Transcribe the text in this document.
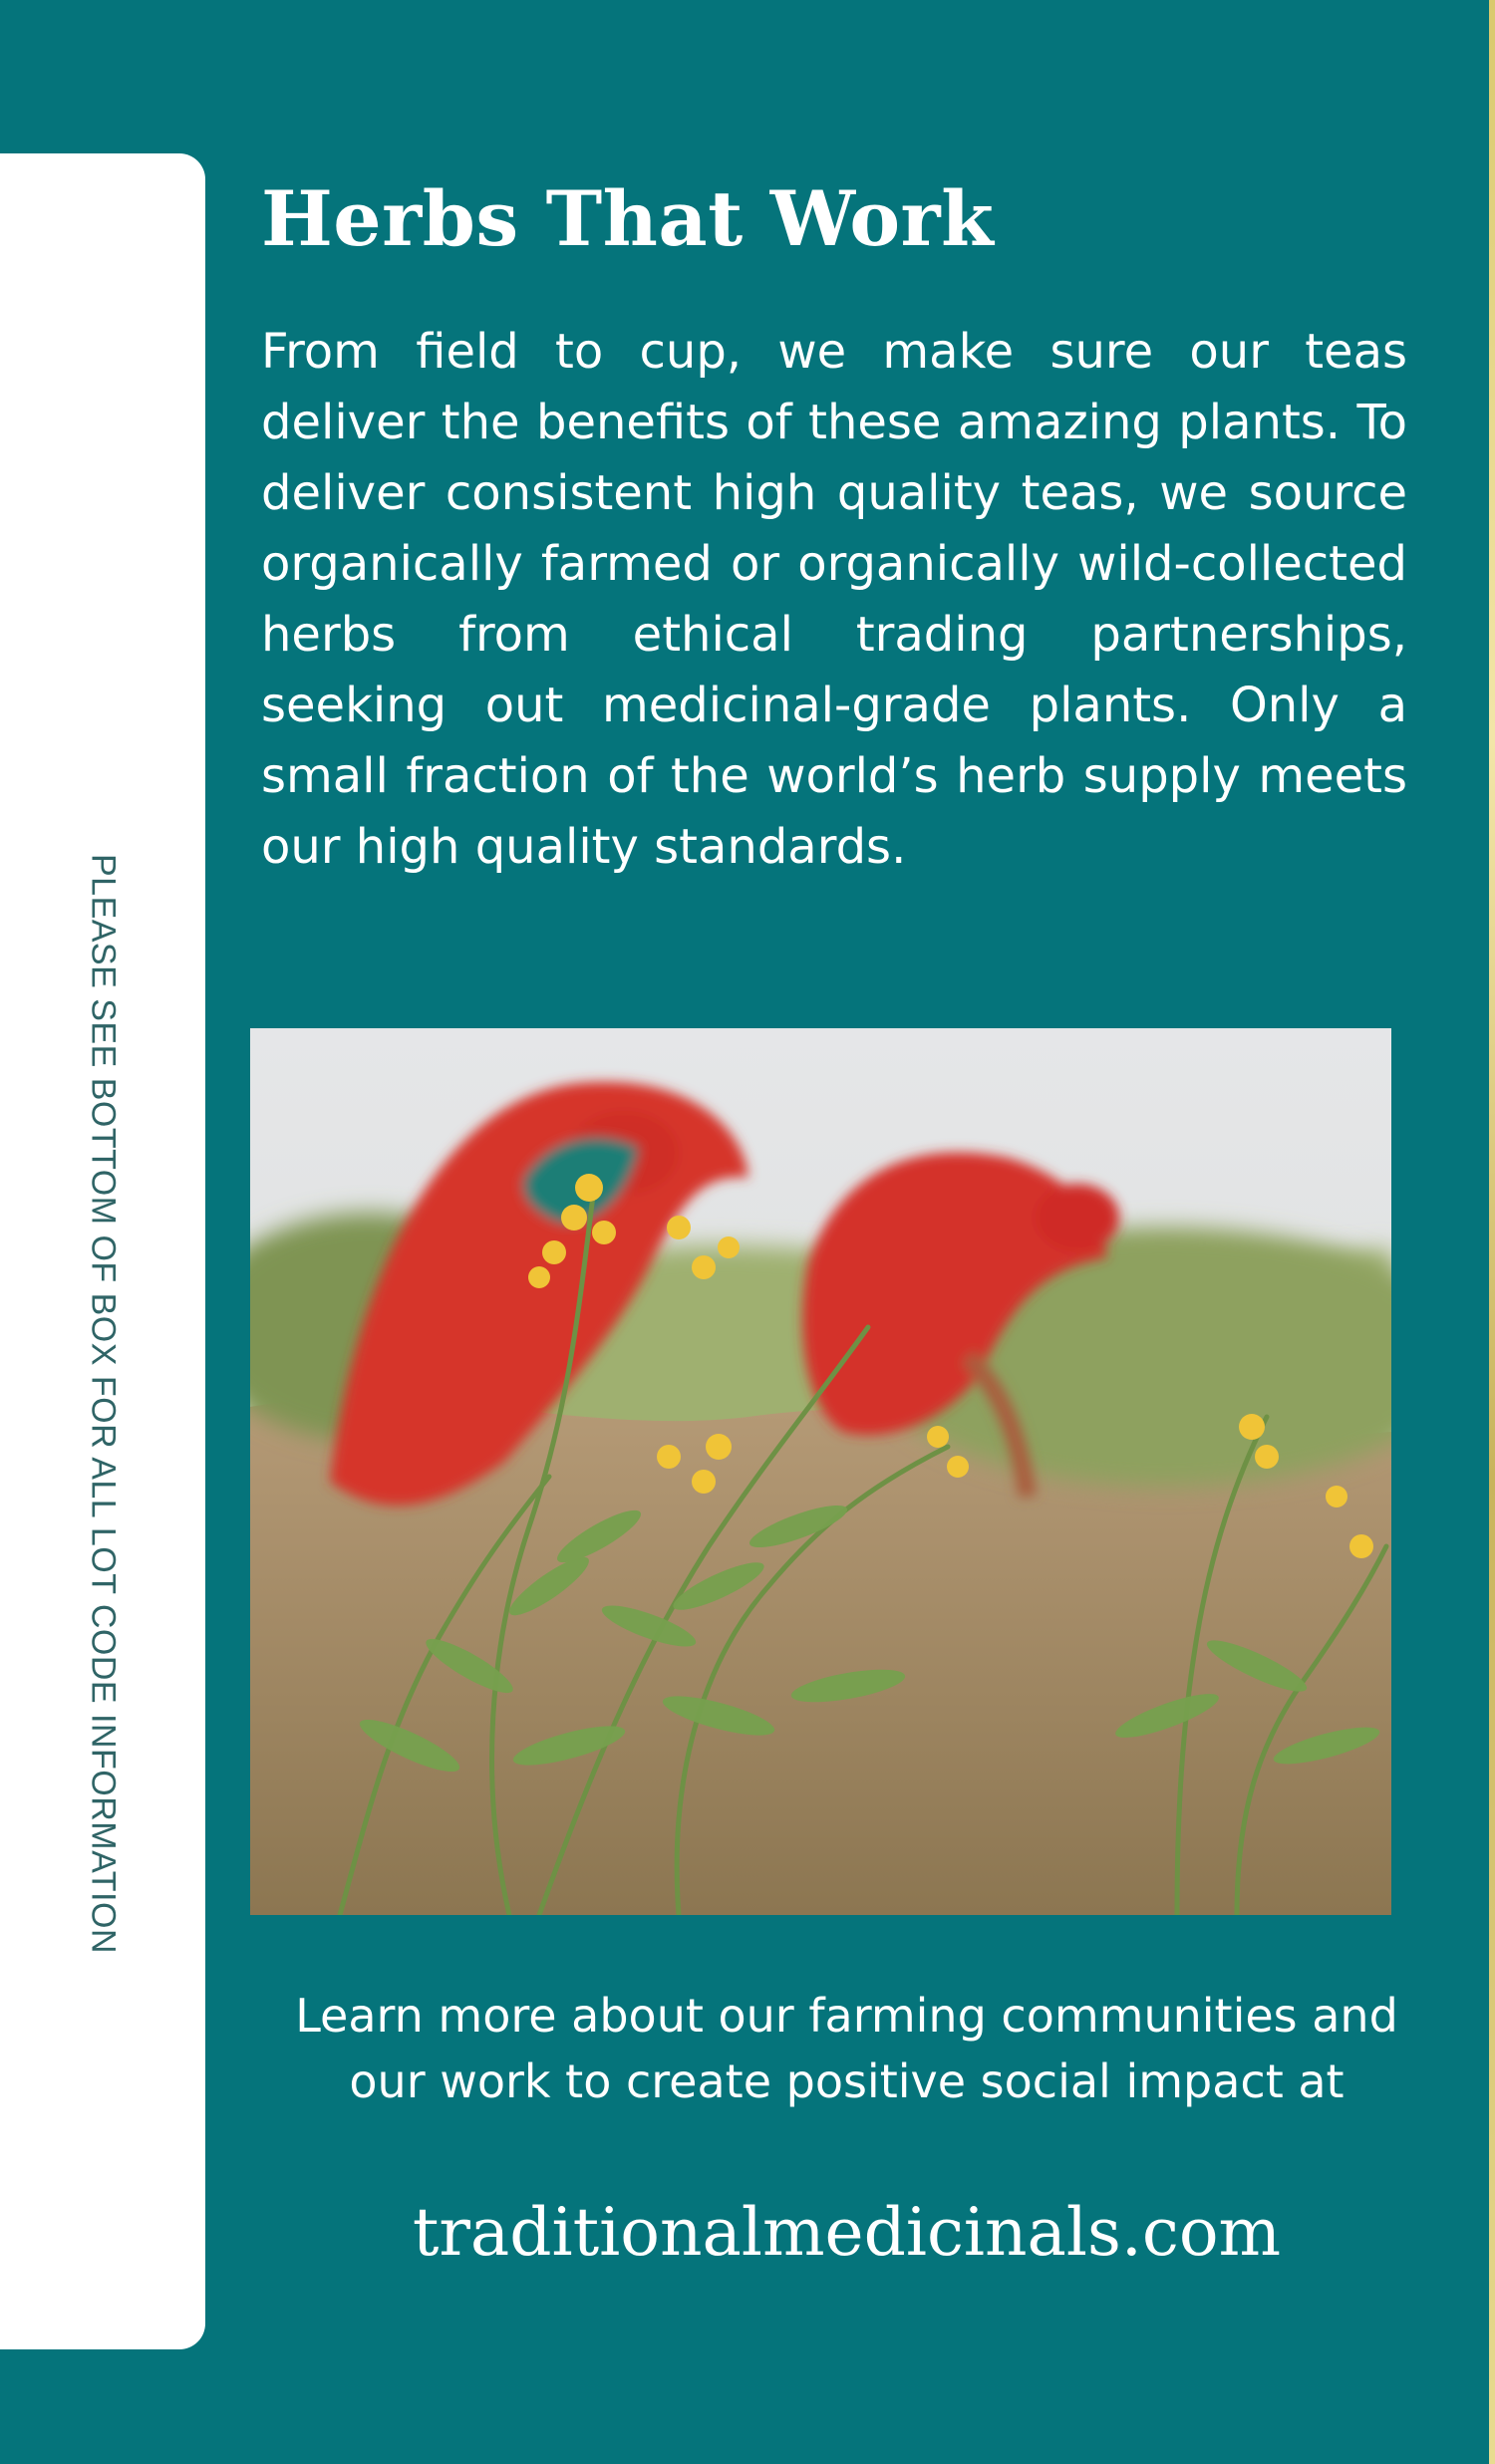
PLEASE SEE BOTTOM OF BOX FOR ALL LOT CODE INFORMATION
Herbs That Work

From field to cup, we make sure our teas deliver the benefits of these amazing plants. To deliver consistent high quality teas, we source organically farmed or organically wild-collected herbs from ethical trading partnerships, seeking out medicinal-grade plants. Only a small fraction of the world’s herb supply meets our high quality standards.

Learn more about our farming communities and our work to create positive social impact at

traditionalmedicinals.com
